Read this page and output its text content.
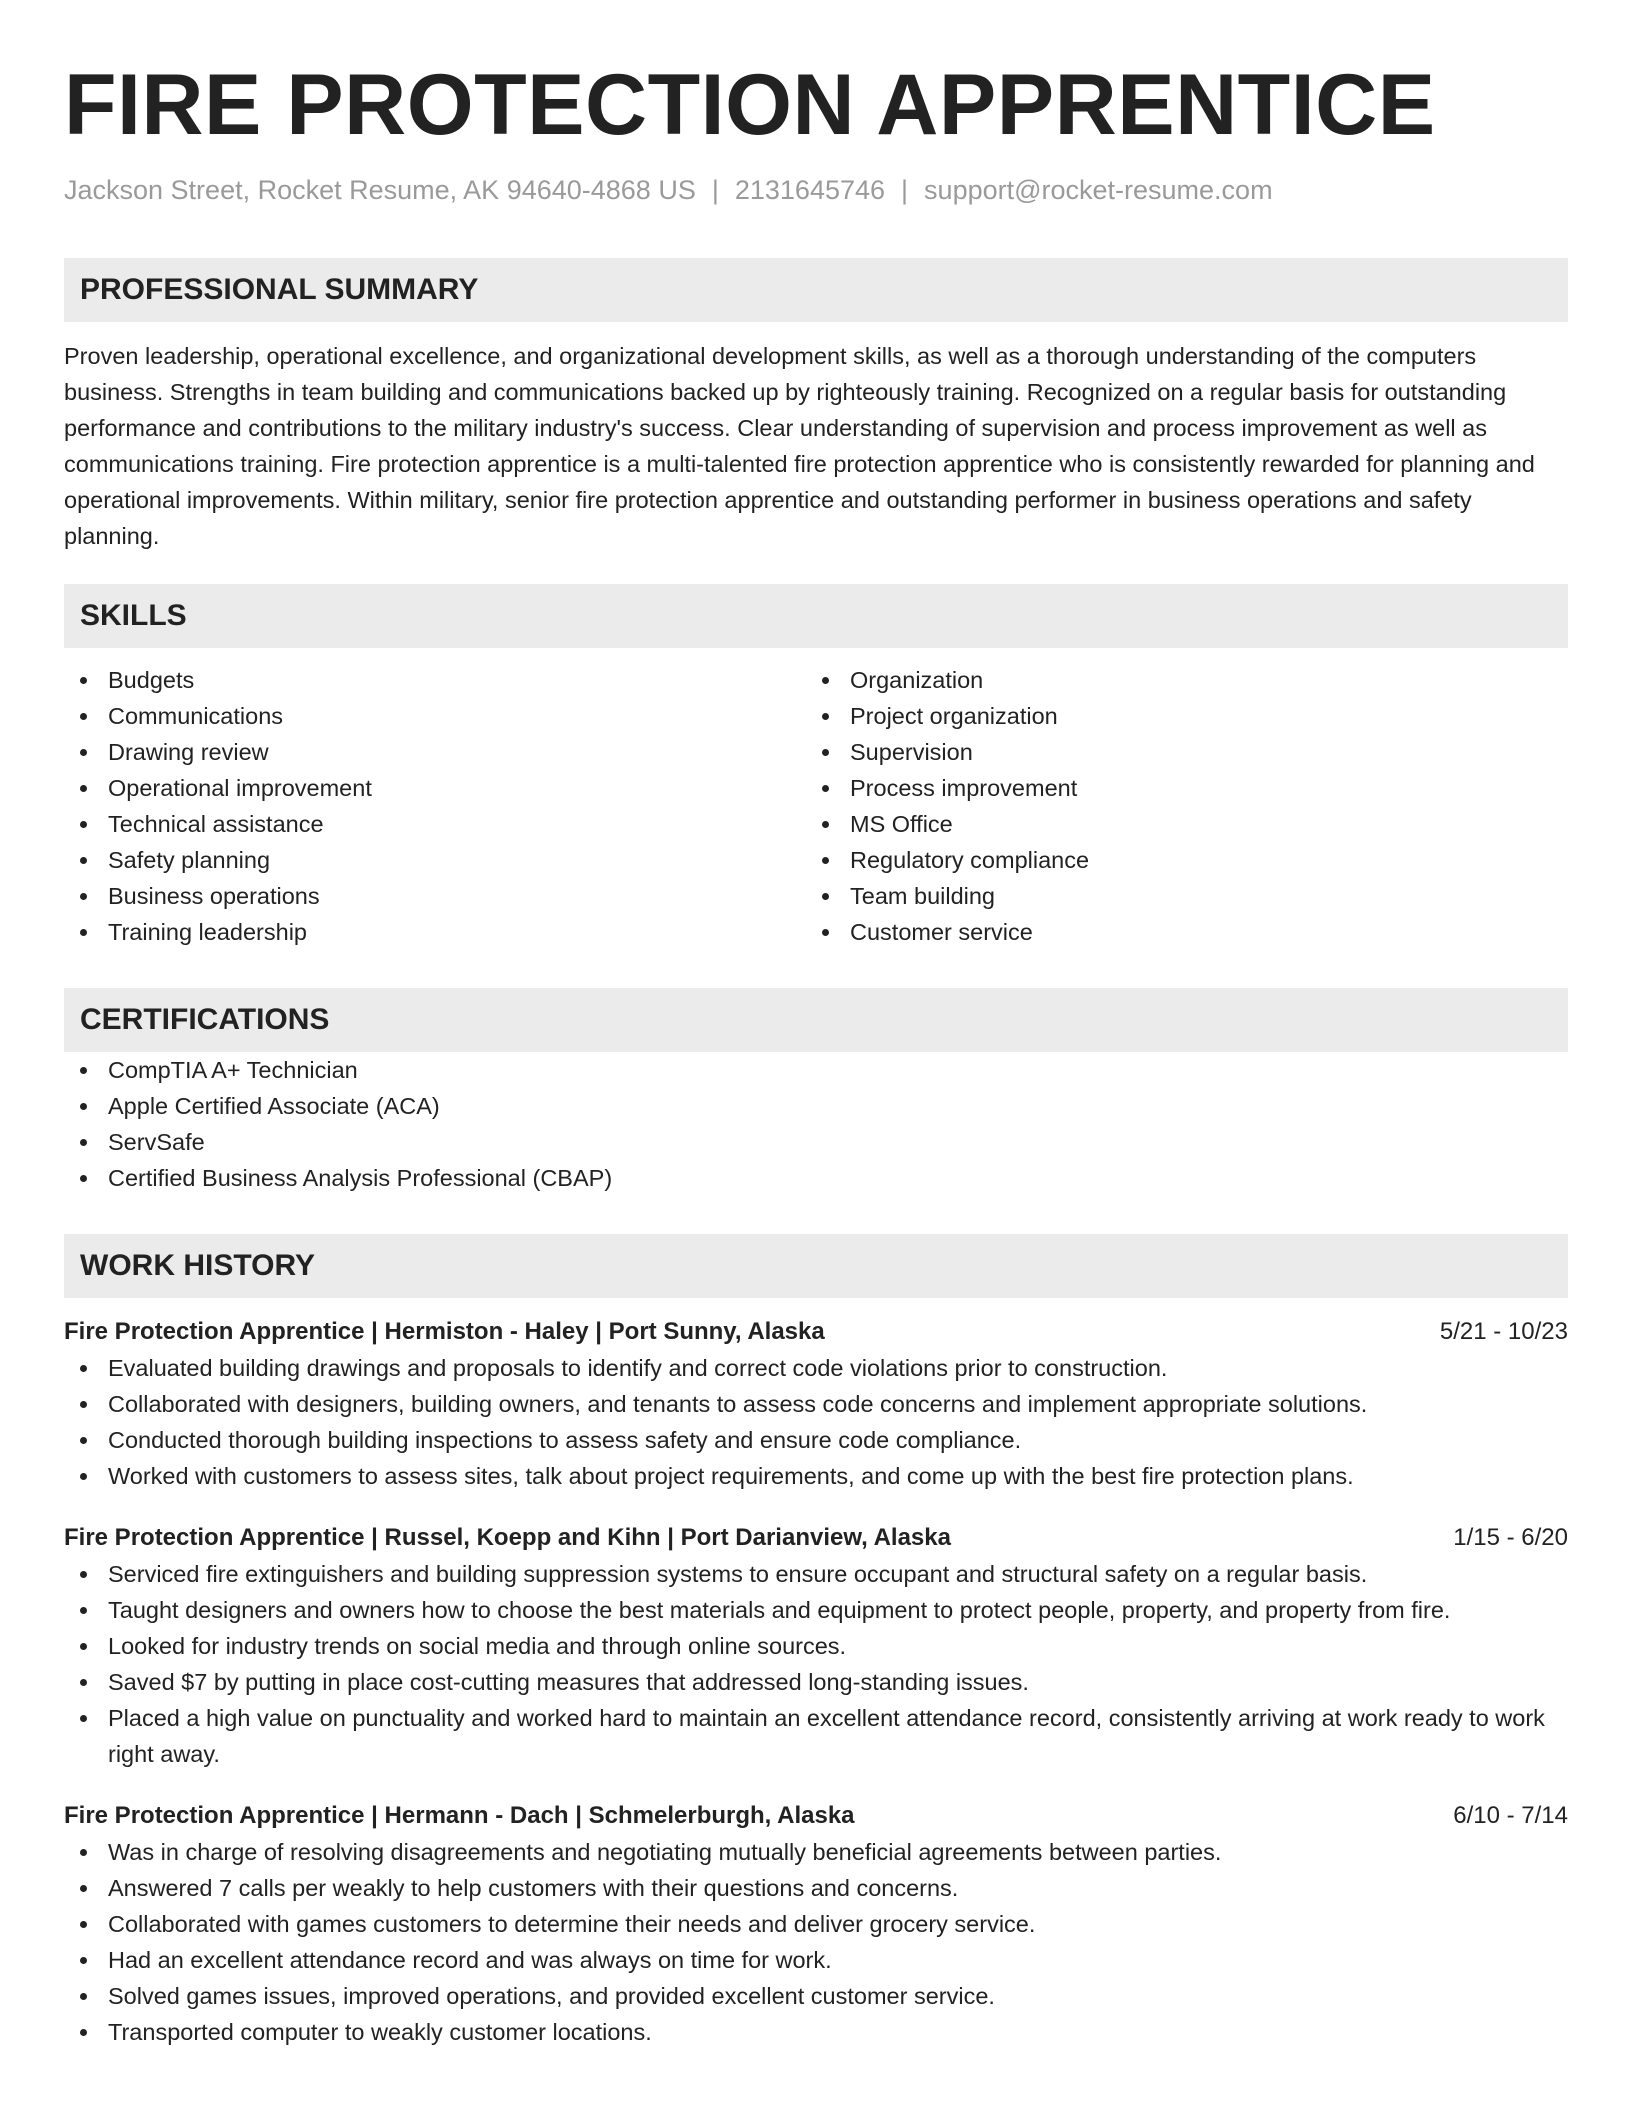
FIRE PROTECTION APPRENTICE
Jackson Street, Rocket Resume, AK 94640-4868 US | 2131645746 | support@rocket-resume.com
PROFESSIONAL SUMMARY

Proven leadership, operational excellence, and organizational development skills, as well as a thorough understanding of the computers business. Strengths in team building and communications backed up by righteously training. Recognized on a regular basis for outstanding performance and contributions to the military industry's success. Clear understanding of supervision and process improvement as well as communications training. Fire protection apprentice is a multi-talented fire protection apprentice who is consistently rewarded for planning and operational improvements. Within military, senior fire protection apprentice and outstanding performer in business operations and safety planning.

SKILLS
Budgets
Communications
Drawing review
Operational improvement
Technical assistance
Safety planning
Business operations
Training leadership
Organization
Project organization
Supervision
Process improvement
MS Office
Regulatory compliance
Team building
Customer service
CERTIFICATIONS
CompTIA A+ Technician
Apple Certified Associate (ACA)
ServSafe
Certified Business Analysis Professional (CBAP)
WORK HISTORY
Fire Protection Apprentice | Hermiston - Haley | Port Sunny, Alaska	5/21 - 10/23
Evaluated building drawings and proposals to identify and correct code violations prior to construction.
Collaborated with designers, building owners, and tenants to assess code concerns and implement appropriate solutions.
Conducted thorough building inspections to assess safety and ensure code compliance.
Worked with customers to assess sites, talk about project requirements, and come up with the best fire protection plans.
Fire Protection Apprentice | Russel, Koepp and Kihn | Port Darianview, Alaska	1/15 - 6/20
Serviced fire extinguishers and building suppression systems to ensure occupant and structural safety on a regular basis.
Taught designers and owners how to choose the best materials and equipment to protect people, property, and property from fire.
Looked for industry trends on social media and through online sources.
Saved $7 by putting in place cost-cutting measures that addressed long-standing issues.
Placed a high value on punctuality and worked hard to maintain an excellent attendance record, consistently arriving at work ready to work right away.
Fire Protection Apprentice | Hermann - Dach | Schmelerburgh, Alaska	6/10 - 7/14
Was in charge of resolving disagreements and negotiating mutually beneficial agreements between parties.
Answered 7 calls per weakly to help customers with their questions and concerns.
Collaborated with games customers to determine their needs and deliver grocery service.
Had an excellent attendance record and was always on time for work.
Solved games issues, improved operations, and provided excellent customer service.
Transported computer to weakly customer locations.
